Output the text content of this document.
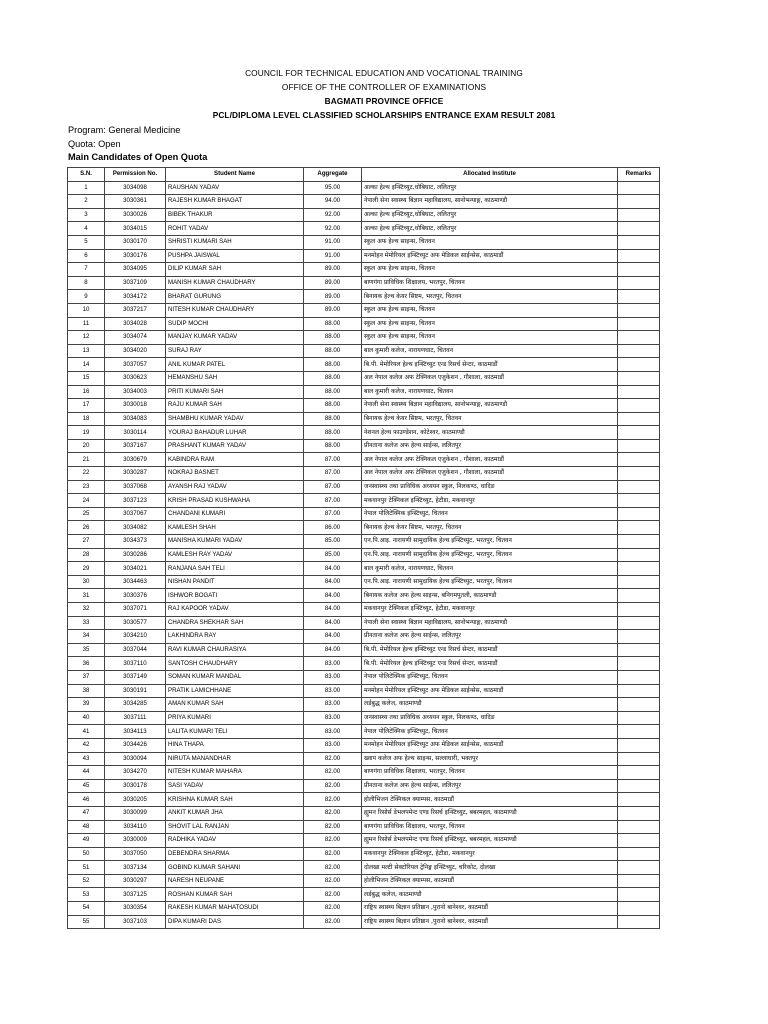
COUNCIL FOR TECHNICAL EDUCATION AND VOCATIONAL TRAINING
OFFICE OF THE CONTROLLER OF EXAMINATIONS
BAGMATI PROVINCE OFFICE
PCL/DIPLOMA LEVEL CLASSIFIED SCHOLARSHIPS ENTRANCE EXAM RESULT 2081
Program: General Medicine
Quota: Open
Main Candidates of Open Quota
S.N.	Permission No.	Student Name	Aggregate	Allocated Institute	Remarks
1	3034098	RAUSHAN YADAV	95.00	अल्का हेल्थ इन्स्टिच्युट,धोबिघाट, ललितपुर	
2	3030361	RAJESH KUMAR BHAGAT	94.00	नेपाली सेना स्वास्थ्य बिज्ञान महाविद्यालय, सानोभन्याङ्ग, काठमाण्डौ	
3	3030026	BIBEK THAKUR	92.00	अल्का हेल्थ इन्स्टिच्युट,धोबिघाट, ललितपुर	
4	3034015	ROHIT YADAV	92.00	अल्का हेल्थ इन्स्टिच्युट,धोबिघाट, ललितपुर	
5	3030170	SHRISTI KUMARI SAH	91.00	स्कुल अफ हेल्थ साइन्स, चितवन	
6	3030176	PUSHPA JAISWAL	91.00	मनमोहन मेमोरियल इन्स्टिच्युट अफ मेडिकल साईन्सेस, काठमाडौं	
7	3034095	DILIP KUMAR SAH	89.00	स्कुल अफ हेल्थ साइन्स, चितवन	
8	3037109	MANISH KUMAR CHAUDHARY	89.00	बाणगंगा प्राविधिक शिक्षालय, भरतपुर, चितवन	
9	3034172	BHARAT GURUNG	89.00	बिनायक हेल्थ केयर सिष्टम, भरतपुर, चितवन	
10	3037217	NITESH KUMAR CHAUDHARY	89.00	स्कुल अफ हेल्थ साइन्स, चितवन	
11	3034028	SUDIP MOCHI	88.00	स्कुल अफ हेल्थ साइन्स, चितवन	
12	3034074	MANJAY KUMAR YADAV	88.00	स्कुल अफ हेल्थ साइन्स, चितवन	
13	3034020	SURAJ RAY	88.00	बाल कुमारी कलेज, नारायणघाट, चितवन	
14	3037057	ANIL KUMAR PATEL	88.00	बि.पी. मेमोरियल हेल्थ इन्स्टिच्युट एन्ड रिसर्च सेन्टर, काठमाडौं	
15	3030623	HEMANSHU SAH	88.00	अल नेपाल कलेज अफ टेक्निकल एजुकेशन , गौशाला, काठमाडौं	
16	3034003	PRITI KUMARI SAH	88.00	बाल कुमारी कलेज, नारायणघाट, चितवन	
17	3030018	RAJU KUMAR SAH	88.00	नेपाली सेना स्वास्थ्य बिज्ञान महाविद्यालय, सानोभन्याङ्ग, काठमाण्डौ	
18	3034083	SHAMBHU KUMAR YADAV	88.00	बिनायक हेल्थ केयर सिष्टम, भरतपुर, चितवन	
19	3030114	YOURAJ BAHADUR LUHAR	88.00	नेशनल हेल्थ फाउण्डेशन, कोटेश्वर, काठमाण्डौ	
20	3037167	PRASHANT KUMAR YADAV	88.00	प्रीनताना कलेज अफ हेल्थ साईन्स, ललितपुर	
21	3030679	KABINDRA RAM	87.00	अल नेपाल कलेज अफ टेक्निकल एजुकेशन , गौशाला, काठमाडौं	
22	3030287	NOKRAJ BASNET	87.00	अल नेपाल कलेज अफ टेक्निकल एजुकेशन , गौशाला, काठमाडौं	
23	3037068	AYANSH RAJ YADAV	87.00	जनस्वास्थ्य तथा प्राविधिक अध्ययन स्कुल, निलकण्ठ, धादिङ	
24	3037123	KRISH PRASAD KUSHWAHA	87.00	मकवानपुर टेक्निकल इन्स्टिच्युट, हेटौडा, मकवानपुर	
25	3037067	CHANDANI KUMARI	87.00	नेपाल पोलिटेक्निक इन्स्टिच्युट, चितवन	
26	3034082	KAMLESH SHAH	86.00	बिनायक हेल्थ केयर सिष्टम, भरतपुर, चितवन	
27	3034373	MANISHA KUMARI YADAV	85.00	एन.पि.आइ. नारायणी सामुदायिक हेल्थ इन्स्टिच्युट, भरतपुर, चितवन	
28	3030286	KAMLESH RAY YADAV	85.00	एन.पि.आइ. नारायणी सामुदायिक हेल्थ इन्स्टिच्युट, भरतपुर, चितवन	
29	3034021	RANJANA SAH TELI	84.00	बाल कुमारी कलेज, नारायणघाट, चितवन	
30	3034463	NISHAN PANDIT	84.00	एन.पि.आइ. नारायणी सामुदायिक हेल्थ इन्स्टिच्युट, भरतपुर, चितवन	
31	3030376	ISHWOR BOGATI	84.00	बिनायक कलेज अफ हेल्थ साइन्स, बनिगमपुतली, काठमाण्डौ	
32	3037071	RAJ KAPOOR YADAV	84.00	मकवानपुर टेक्निकल इन्स्टिच्युट, हेटौडा, मकवानपुर	
33	3030577	CHANDRA SHEKHAR SAH	84.00	नेपाली सेना स्वास्थ्य बिज्ञान महाविद्यालय, सानोभन्याङ्ग, काठमाण्डौ	
34	3034210	LAKHINDRA RAY	84.00	प्रीनताना कलेज अफ हेल्थ साईन्स, ललितपुर	
35	3037044	RAVI KUMAR CHAURASIYA	84.00	बि.पी. मेमोरियल हेल्थ इन्स्टिच्युट एन्ड रिसर्च सेन्टर, काठमाडौं	
36	3037110	SANTOSH CHAUDHARY	83.00	बि.पी. मेमोरियल हेल्थ इन्स्टिच्युट एन्ड रिसर्च सेन्टर, काठमाडौं	
37	3037149	SOMAN KUMAR MANDAL	83.00	नेपाल पोलिटेक्निक इन्स्टिच्युट, चितवन	
38	3030191	PRATIK LAMICHHANE	83.00	मनमोहन मेमोरियल इन्स्टिच्युट अफ मेडिकल साईन्सेस, काठमाडौं	
39	3034285	AMAN KUMAR SAH	83.00	लर्डबुद्ध कलेज, काठमाण्डौ	
40	3037111	PRIYA KUMARI	83.00	जनस्वास्थ्य तथा प्राविधिक अध्ययन स्कुल, निलकण्ठ, धादिङ	
41	3034113	LALITA KUMARI TELI	83.00	नेपाल पोलिटेक्निक इन्स्टिच्युट, चितवन	
42	3034426	HINA THAPA	83.00	मनमोहन मेमोरियल इन्स्टिच्युट अफ मेडिकल साईन्सेस, काठमाडौं	
43	3030094	NIRUTA MANANDHAR	82.00	ख्वाप कलेज अफ हेल्थ साइन्स, सल्लाघारी, भक्तपुर	
44	3034270	NITESH KUMAR MAHARA	82.00	बाणगंगा प्राविधिक शिक्षालय, भरतपुर, चितवन	
45	3030178	SASI YADAV	82.00	प्रीनताना कलेज अफ हेल्थ साईन्स, ललितपुर	
46	3030205	KRISHNA KUMAR SAH	82.00	होलीभिजन टेक्निकल क्याम्पस, काठमाडौं	
47	3030099	ANKIT KUMAR JHA	82.00	ह्युमन रिसोर्स डेभलपमेन्ट एण्ड रिसर्च इन्स्टिच्युट, बबरमहल, काठमाण्डौ	
48	3034110	SHOVIT LAL RANJAN	82.00	बाणगंगा प्राविधिक शिक्षालय, भरतपुर, चितवन	
49	3030009	RADHIKA YADAV	82.00	ह्युमन रिसोर्स डेभलपमेन्ट एण्ड रिसर्च इन्स्टिच्युट, बबरमहल, काठमाण्डौ	
50	3037050	DEBENDRA SHARMA	82.00	मकवानपुर टेक्निकल इन्स्टिच्युट, हेटौडा, मकवानपुर	
51	3037134	GOBIND KUMAR SAHANI	82.00	दोलखा मल्टी सेक्टोरियल ट्रेनिङ्ग इन्स्टिच्युट, चरिकोट, दोलखा	
52	3030297	NARESH NEUPANE	82.00	होलीभिजन टेक्निकल क्याम्पस, काठमाडौं	
53	3037125	ROSHAN KUMAR SAH	82.00	लर्डबुद्ध कलेज, काठमाण्डौ	
54	3030354	RAKESH KUMAR MAHATOSUDI	82.00	राष्ट्रिय स्वास्थ्य बिज्ञान प्रतिष्ठान ,पुरानो बानेश्वर, काठमाडौं	
55	3037103	DIPA KUMARI DAS	82.00	राष्ट्रिय स्वास्थ्य बिज्ञान प्रतिष्ठान ,पुरानो बानेश्वर, काठमाडौं	
